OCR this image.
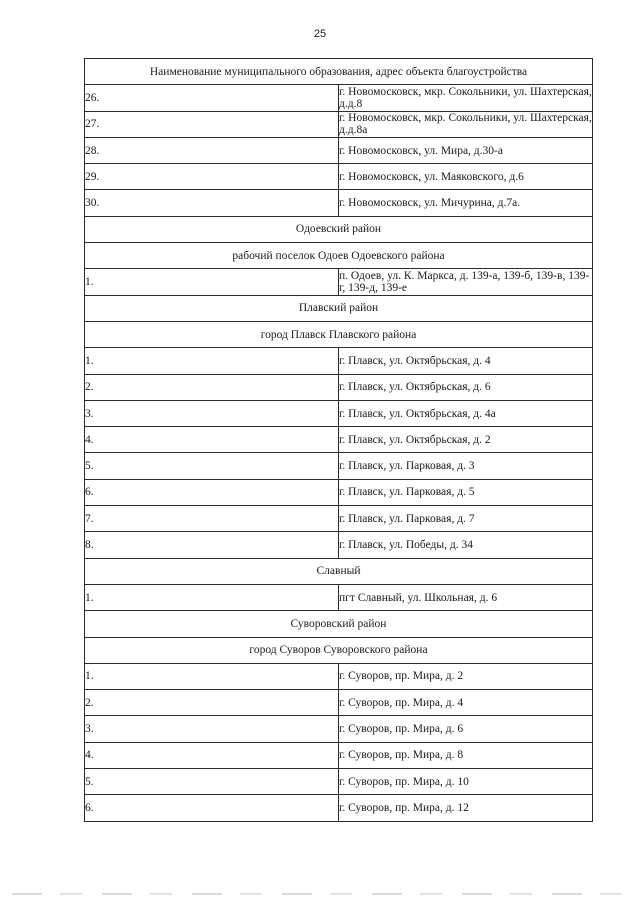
25
Наименование муниципального образования, адрес объекта благоустройства	
26.	г. Новомосковск, мкр. Сокольники, ул. Шахтерская, д.д.8
27.	г. Новомосковск, мкр. Сокольники, ул. Шахтерская, д.д.8а
28.	г. Новомосковск, ул. Мира, д.30-а
29.	г. Новомосковск, ул. Маяковского, д.6
30.	г. Новомосковск, ул. Мичурина, д.7а.
Одоевский район	
рабочий поселок Одоев Одоевского района	
1.	п. Одоев, ул. К. Маркса, д. 139-а, 139-б, 139-в, 139-г, 139-д, 139-е
Плавский район	
город Плавск Плавского района	
1.	г. Плавск, ул. Октябрьская, д. 4
2.	г. Плавск, ул. Октябрьская, д. 6
3.	г. Плавск, ул. Октябрьская, д. 4а
4.	г. Плавск, ул. Октябрьская, д. 2
5.	г. Плавск, ул. Парковая, д. 3
6.	г. Плавск, ул. Парковая, д. 5
7.	г. Плавск, ул. Парковая, д. 7
8.	г. Плавск, ул. Победы, д. 34
Славный	
1.	пгт Славный, ул. Школьная, д. 6
Суворовский район	
город Суворов Суворовского района	
1.	г. Суворов, пр. Мира, д. 2
2.	г. Суворов, пр. Мира, д. 4
3.	г. Суворов, пр. Мира, д. 6
4.	г. Суворов, пр. Мира, д. 8
5.	г. Суворов, пр. Мира, д. 10
6.	г. Суворов, пр. Мира, д. 12
